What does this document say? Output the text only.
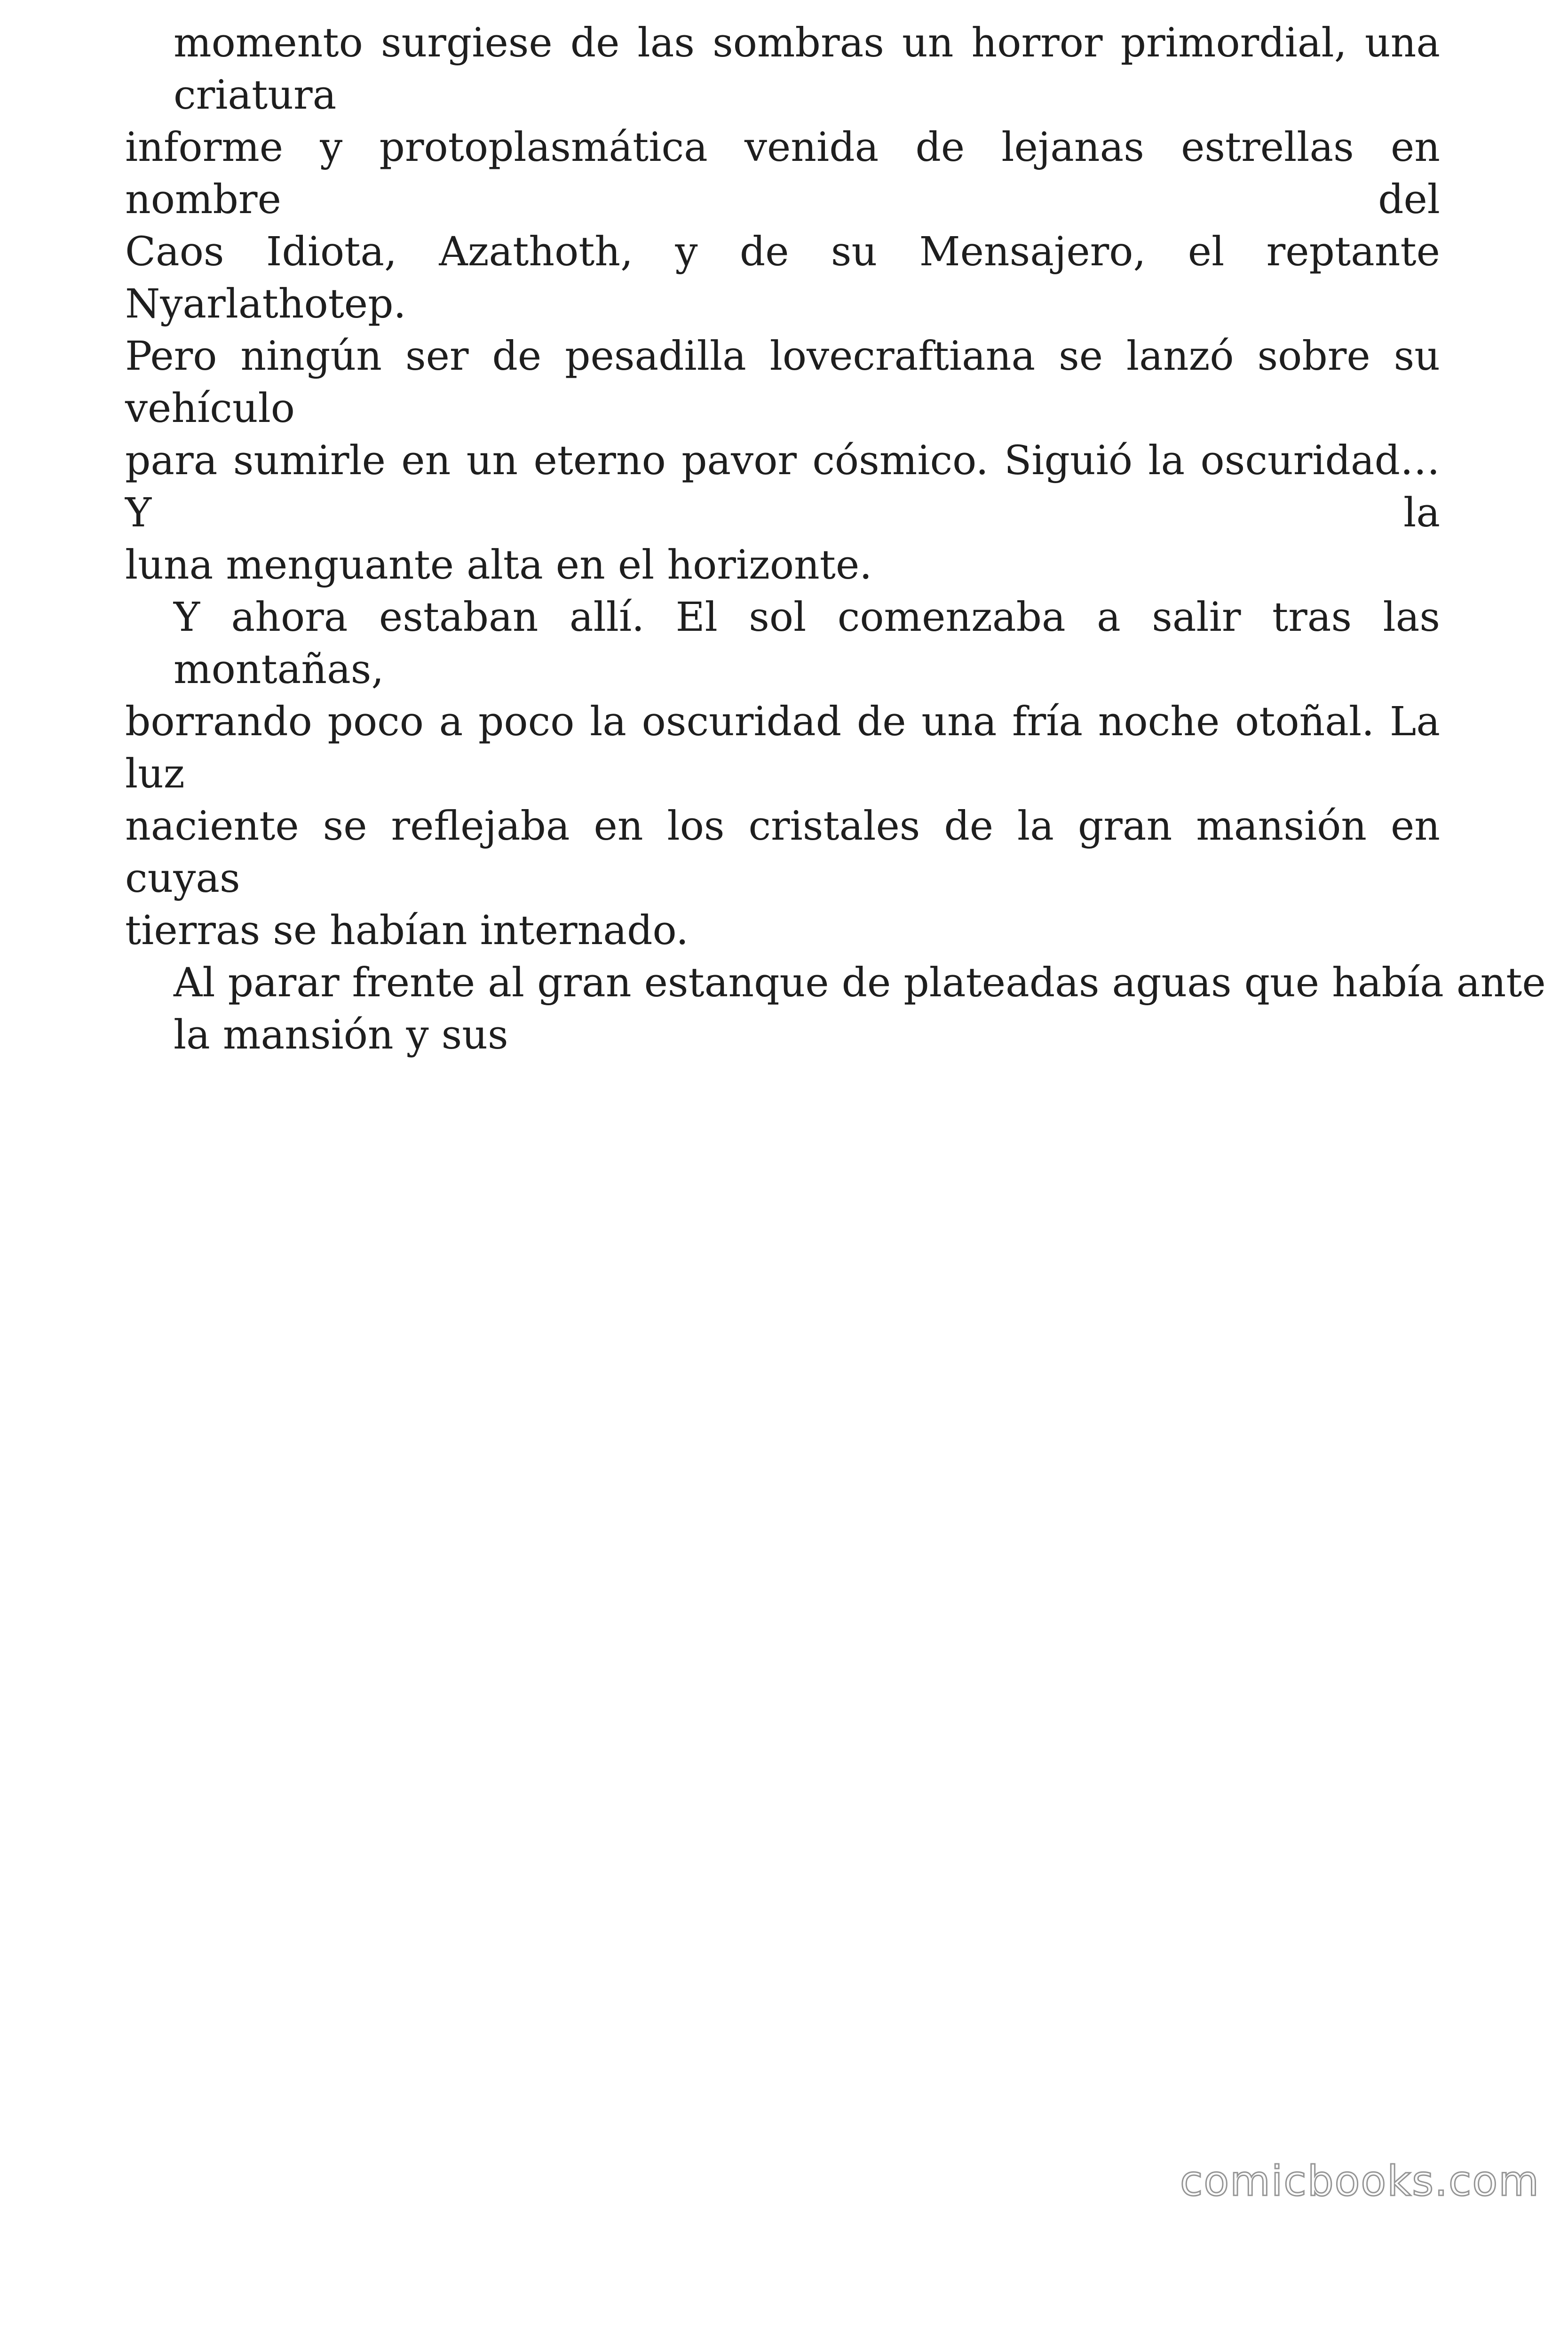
momento surgiese de las sombras un horror primordial, una criatura
informe y protoplasmática venida de lejanas estrellas en nombre del
Caos Idiota, Azathoth, y de su Mensajero, el reptante Nyarlathotep.
Pero ningún ser de pesadilla lovecraftiana se lanzó sobre su vehículo
para sumirle en un eterno pavor cósmico. Siguió la oscuridad… Y la
luna menguante alta en el horizonte.
Y ahora estaban allí. El sol comenzaba a salir tras las montañas,
borrando poco a poco la oscuridad de una fría noche otoñal. La luz
naciente se reflejaba en los cristales de la gran mansión en cuyas
tierras se habían internado.
Al parar frente al gran estanque de plateadas aguas que había ante
la mansión y sus
comicbooks.com
